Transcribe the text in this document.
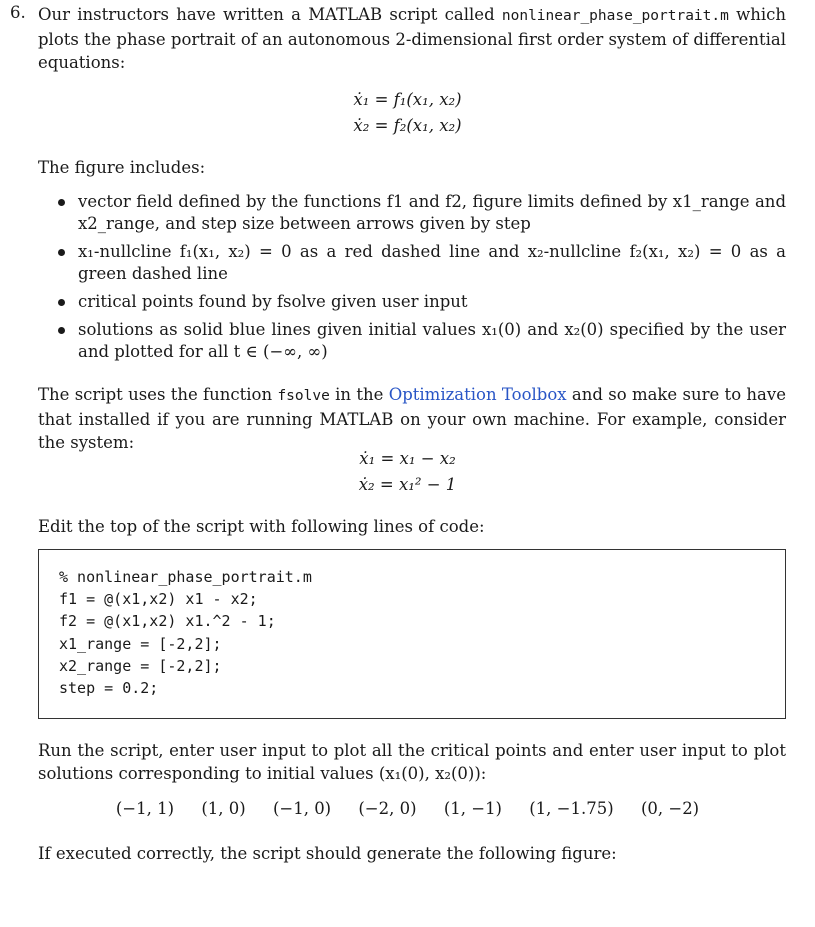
6. Our instructors have written a MATLAB script called nonlinear_phase_portrait.m which plots the phase portrait of an autonomous 2-dimensional first order system of differential equations:
ẋ₁ = f₁(x₁, x₂)
ẋ₂ = f₂(x₁, x₂)
The figure includes:
vector field defined by the functions f1 and f2, figure limits defined by x1_range and x2_range, and step size between arrows given by step
x₁-nullcline f₁(x₁, x₂) = 0 as a red dashed line and x₂-nullcline f₂(x₁, x₂) = 0 as a green dashed line
critical points found by fsolve given user input
solutions as solid blue lines given initial values x₁(0) and x₂(0) specified by the user and plotted for all t ∈ (−∞, ∞)
The script uses the function fsolve in the Optimization Toolbox and so make sure to have that installed if you are running MATLAB on your own machine. For example, consider the system:
ẋ₁ = x₁ − x₂
ẋ₂ = x₁² − 1
Edit the top of the script with following lines of code:
% nonlinear_phase_portrait.m
f1 = @(x1,x2) x1 - x2;
f2 = @(x1,x2) x1.^2 - 1;
x1_range = [-2,2];
x2_range = [-2,2];
step = 0.2;
Run the script, enter user input to plot all the critical points and enter user input to plot solutions corresponding to initial values (x₁(0), x₂(0)):
(−1, 1) (1, 0) (−1, 0) (−2, 0) (1, −1) (1, −1.75) (0, −2)
If executed correctly, the script should generate the following figure:
